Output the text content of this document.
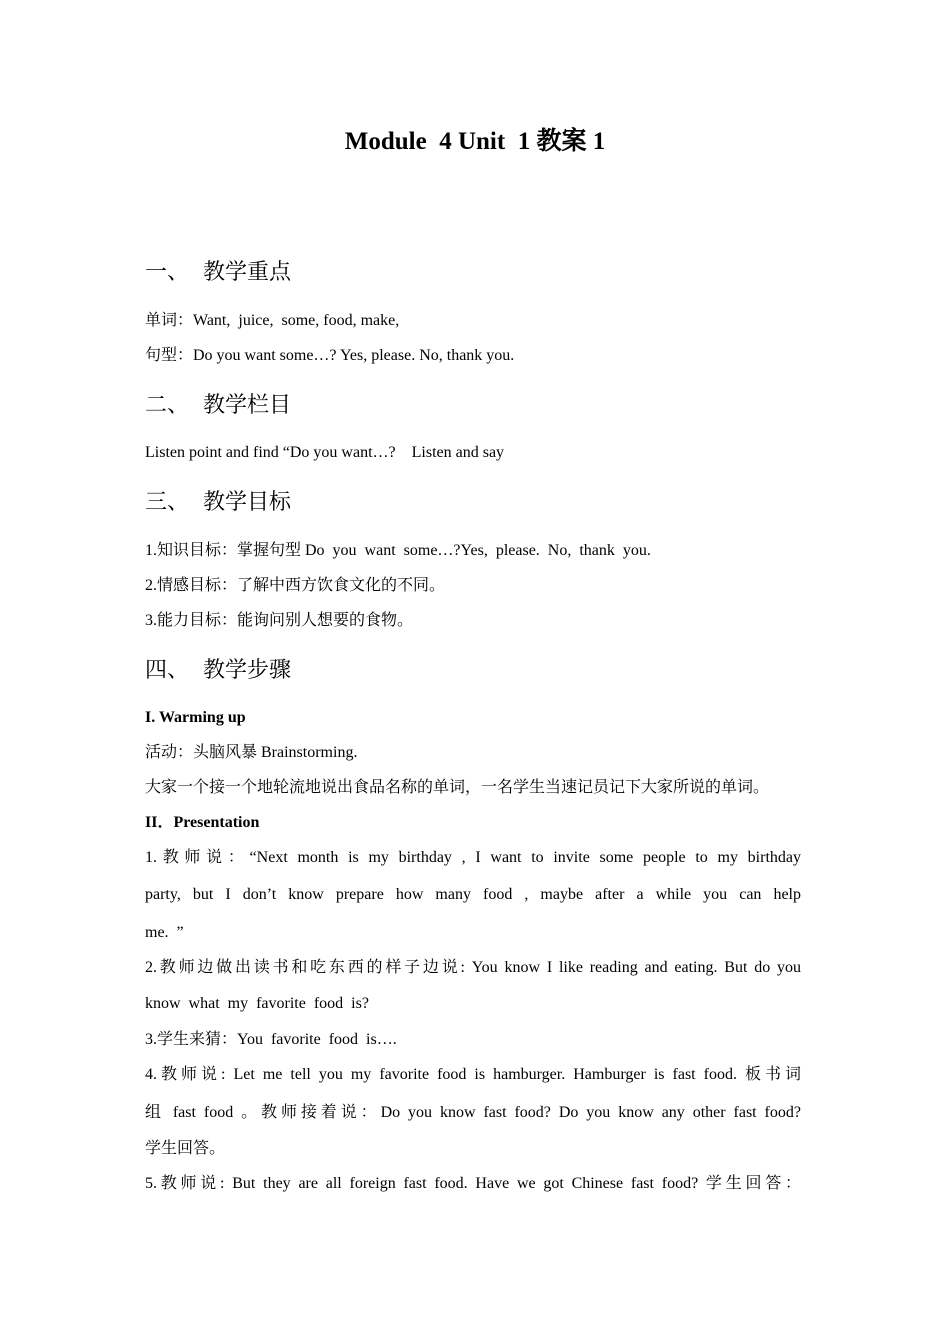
Module  4 Unit  1 教案 1
一、 教学重点
单词：Want,  juice,  some, food, make,
句型：Do you want some…? Yes, please. No, thank you.
二、 教学栏目
Listen point and find “Do you want…?    Listen and say
三、 教学目标
1.知识目标：掌握句型 Do  you  want  some…?Yes,  please.  No,  thank  you.
2.情感目标：了解中西方饮食文化的不同。
3.能力目标：能询问别人想要的食物。
四、 教学步骤
I. Warming up
活动：头脑风暴 Brainstorming.
大家一个接一个地轮流地说出食品名称的单词，一名学生当速记员记下大家所说的单词。
II．Presentation
1.教师说：“Next month is my birthday , I want to invite some people to my birthday
party, but I don’t know prepare how many food , maybe after a while you can help
me.  ”
2.教师边做出读书和吃东西的样子边说: You know I like reading and eating. But do you
know  what  my  favorite  food  is?
3.学生来猜：You  favorite  food  is….
4.教师说: Let me tell you my favorite food is hamburger. Hamburger is fast food. 板书词
组 fast food 。教师接着说：Do you know fast food? Do you know any other fast food?
学生回答。
5.教师说: But they are all foreign fast food. Have we got Chinese fast food? 学生回答：
